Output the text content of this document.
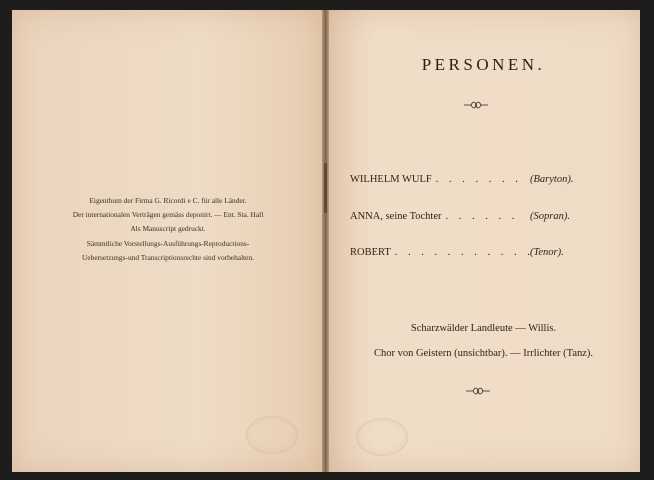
Eigenthum der Firma G. Ricordi e C. für alle Länder.
Der internationalen Verträgen gemäss deponirt. — Ent. Sta. Hall
Als Manuscript gedruckt.
Sämmtliche Vorstellungs-Ausführungs-Reproductions-
Uebersetzungs-und Transcriptionsrechte sind vorbehalten.
PERSONEN.
WILHELM WULF . . . . . . . (Baryton).
ANNA, seine Tochter . . . . . . (Sopran).
ROBERT . . . . . . . . . . .
(Tenor).
Scharzwälder Landleute — Willis.
Chor von Geistern (unsichtbar). — Irrlichter (Tanz).
